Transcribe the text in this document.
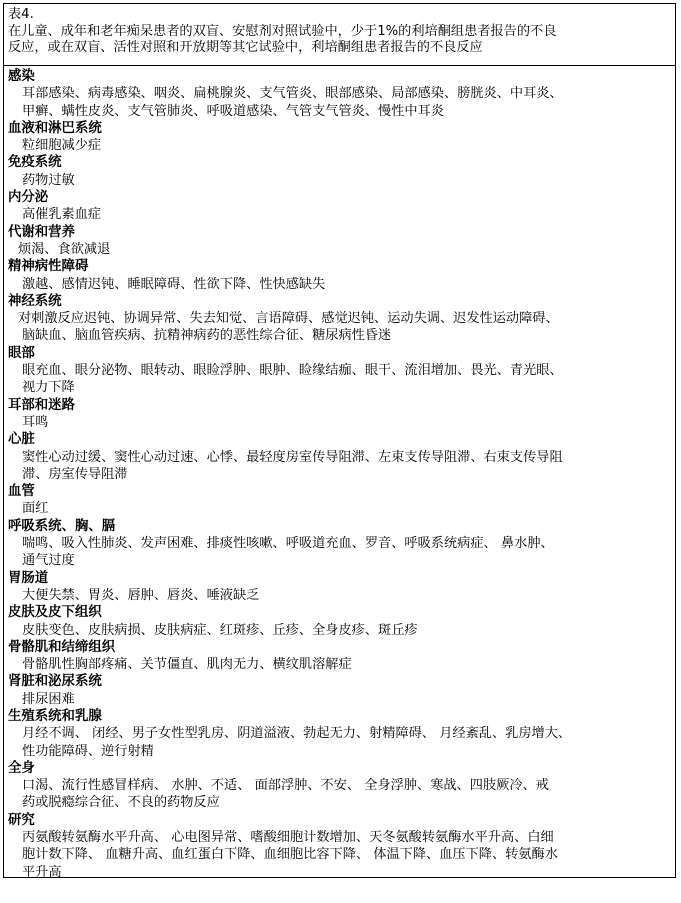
表4.
在儿童、成年和老年痴呆患者的双盲、安慰剂对照试验中，少于1%的利培酮组患者报告的不良
反应，或在双盲、活性对照和开放期等其它试验中，利培酮组患者报告的不良反应
感染
耳部感染、病毒感染、咽炎、扁桃腺炎、支气管炎、眼部感染、局部感染、膀胱炎、中耳炎、
甲癣、螨性皮炎、支气管肺炎、呼吸道感染、气管支气管炎、慢性中耳炎
血液和淋巴系统
粒细胞减少症
免疫系统
药物过敏
内分泌
高催乳素血症
代谢和营养
烦渴、食欲减退
精神病性障碍
激越、感情迟钝、睡眠障碍、性欲下降、性快感缺失
神经系统
对刺激反应迟钝、协调异常、失去知觉、言语障碍、感觉迟钝、运动失调、迟发性运动障碍、
脑缺血、脑血管疾病、抗精神病药的恶性综合征、糖尿病性昏迷
眼部
眼充血、眼分泌物、眼转动、眼睑浮肿、眼肿、睑缘结痂、眼干、流泪增加、畏光、青光眼、
视力下降
耳部和迷路
耳鸣
心脏
窦性心动过缓、窦性心动过速、心悸、最轻度房室传导阻滞、左束支传导阻滞、右束支传导阻
滞、房室传导阻滞
血管
面红
呼吸系统、胸、膈
喘鸣、吸入性肺炎、发声困难、排痰性咳嗽、呼吸道充血、罗音、呼吸系统病症、 鼻水肿、
通气过度
胃肠道
大便失禁、胃炎、唇肿、唇炎、唾液缺乏
皮肤及皮下组织
皮肤变色、皮肤病损、皮肤病症、红斑疹、丘疹、全身皮疹、斑丘疹
骨骼肌和结缔组织
骨骼肌性胸部疼痛、关节僵直、肌肉无力、横纹肌溶解症
肾脏和泌尿系统
排尿困难
生殖系统和乳腺
月经不调、 闭经、男子女性型乳房、阴道溢液、勃起无力、射精障碍、 月经紊乱、乳房增大、
性功能障碍、逆行射精
全身
口渴、流行性感冒样病、 水肿、不适、 面部浮肿、不安、 全身浮肿、寒战、四肢厥冷、戒
药或脱瘾综合征、不良的药物反应
研究
丙氨酸转氨酶水平升高、 心电图异常、嗜酸细胞计数增加、天冬氨酸转氨酶水平升高、白细
胞计数下降、 血糖升高、血红蛋白下降、血细胞比容下降、 体温下降、血压下降、转氨酶水
平升高
